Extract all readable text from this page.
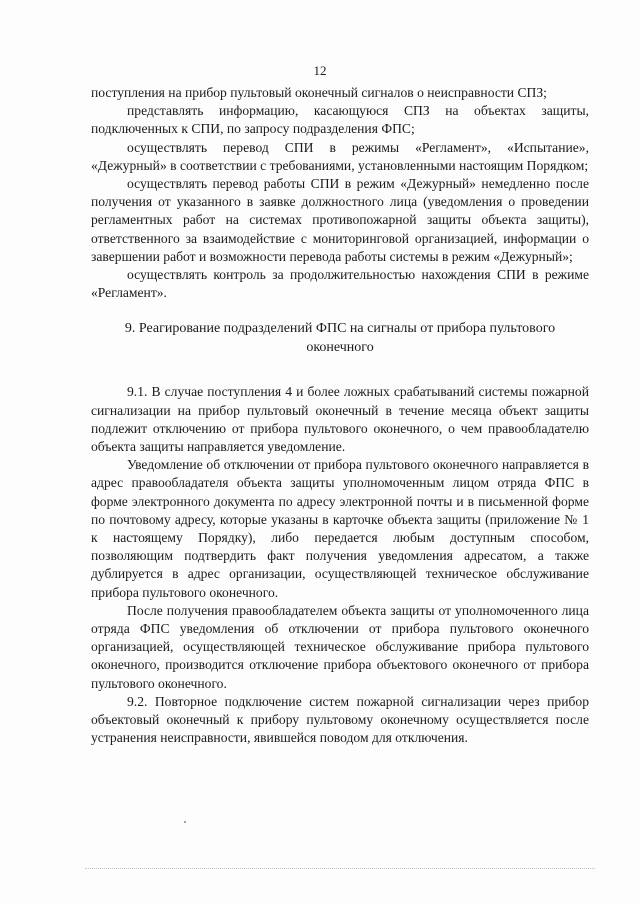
12

поступления на прибор пультовый оконечный сигналов о неисправности СПЗ;

представлять информацию, касающуюся СПЗ на объектах защиты, подключенных к СПИ, по запросу подразделения ФПС;

осуществлять перевод СПИ в режимы «Регламент», «Испытание», «Дежурный» в соответствии с требованиями, установленными настоящим Порядком;

осуществлять перевод работы СПИ в режим «Дежурный» немедленно после получения от указанного в заявке должностного лица (уведомления о проведении регламентных работ на системах противопожарной защиты объекта защиты), ответственного за взаимодействие с мониторинговой организацией, информации о завершении работ и возможности перевода работы системы в режим «Дежурный»;

осуществлять контроль за продолжительностью нахождения СПИ в режиме «Регламент».

9. Реагирование подразделений ФПС на сигналы от прибора пультового оконечного

9.1. В случае поступления 4 и более ложных срабатываний системы пожарной сигнализации на прибор пультовый оконечный в течение месяца объект защиты подлежит отключению от прибора пультового оконечного, о чем правообладателю объекта защиты направляется уведомление.

Уведомление об отключении от прибора пультового оконечного направляется в адрес правообладателя объекта защиты уполномоченным лицом отряда ФПС в форме электронного документа по адресу электронной почты и в письменной форме по почтовому адресу, которые указаны в карточке объекта защиты (приложение № 1 к настоящему Порядку), либо передается любым доступным способом, позволяющим подтвердить факт получения уведомления адресатом, а также дублируется в адрес организации, осуществляющей техническое обслуживание прибора пультового оконечного.

После получения правообладателем объекта защиты от уполномоченного лица отряда ФПС уведомления об отключении от прибора пультового оконечного организацией, осуществляющей техническое обслуживание прибора пультового оконечного, производится отключение прибора объектового оконечного от прибора пультового оконечного.

9.2. Повторное подключение систем пожарной сигнализации через прибор объектовый оконечный к прибору пультовому оконечному осуществляется после устранения неисправности, явившейся поводом для отключения.
